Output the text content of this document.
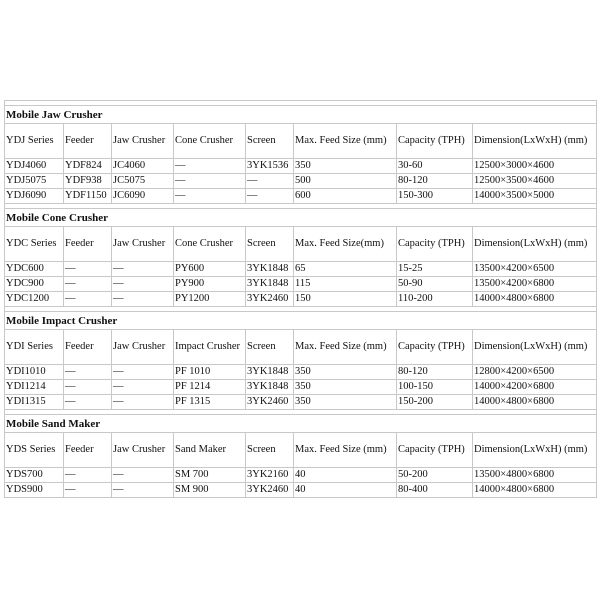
Mobile Jaw Crusher							
YDJ Series	Feeder	Jaw Crusher	Cone Crusher	Screen	Max. Feed Size (mm)	Capacity (TPH)	Dimension(LxWxH) (mm)
YDJ4060	YDF824	JC4060	—	3YK1536	350	30-60	12500×3000×4600
YDJ5075	YDF938	JC5075	—	—	500	80-120	12500×3500×4600
YDJ6090	YDF1150	JC6090	—	—	600	150-300	14000×3500×5000

Mobile Cone Crusher							
YDC Series	Feeder	Jaw Crusher	Cone Crusher	Screen	Max. Feed Size(mm)	Capacity (TPH)	Dimension(LxWxH) (mm)
YDC600	—	—	PY600	3YK1848	65	15-25	13500×4200×6500
YDC900	—	—	PY900	3YK1848	115	50-90	13500×4200×6800
YDC1200	—	—	PY1200	3YK2460	150	110-200	14000×4800×6800

Mobile Impact Crusher							
YDI Series	Feeder	Jaw Crusher	Impact Crusher	Screen	Max. Feed Size (mm)	Capacity (TPH)	Dimension(LxWxH) (mm)
YDI1010	—	—	PF 1010	3YK1848	350	80-120	12800×4200×6500
YDI1214	—	—	PF 1214	3YK1848	350	100-150	14000×4200×6800
YDI1315	—	—	PF 1315	3YK2460	350	150-200	14000×4800×6800

Mobile Sand Maker							
YDS Series	Feeder	Jaw Crusher	Sand Maker	Screen	Max. Feed Size (mm)	Capacity (TPH)	Dimension(LxWxH) (mm)
YDS700	—	—	SM 700	3YK2160	40	50-200	13500×4800×6800
YDS900	—	—	SM 900	3YK2460	40	80-400	14000×4800×6800
